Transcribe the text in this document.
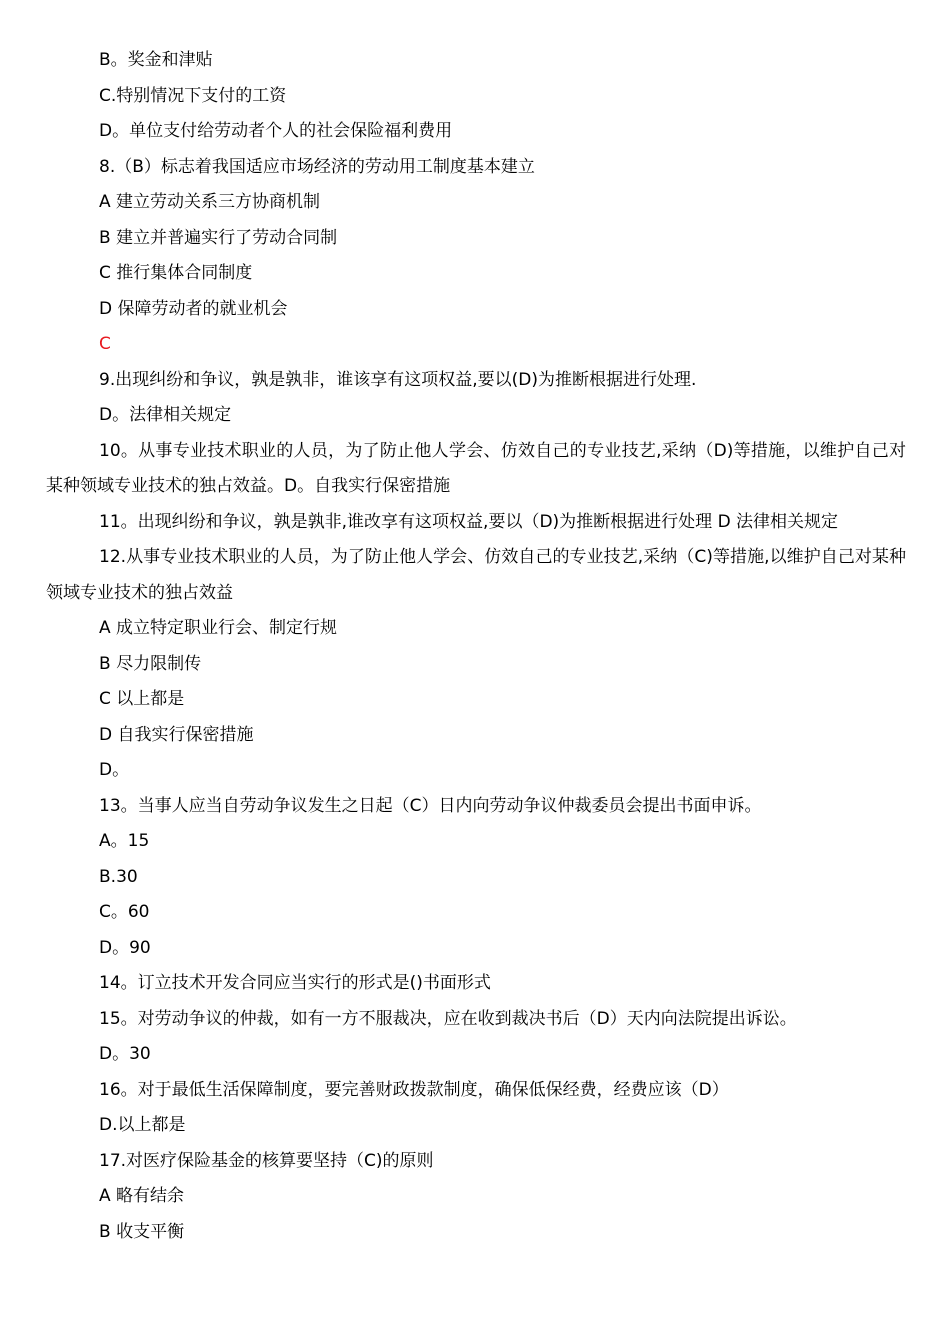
B。奖金和津贴

C.特别情况下支付的工资

D。单位支付给劳动者个人的社会保险福利费用

8.（B）标志着我国适应市场经济的劳动用工制度基本建立

A 建立劳动关系三方协商机制

B 建立并普遍实行了劳动合同制

C 推行集体合同制度

D 保障劳动者的就业机会

C

9.出现纠纷和争议，孰是孰非，谁该享有这项权益,要以(D)为推断根据进行处理.

D。法律相关规定

10。从事专业技术职业的人员，为了防止他人学会、仿效自己的专业技艺,采纳（D)等措施，以维护自己对某种领域专业技术的独占效益。D。自我实行保密措施

11。出现纠纷和争议，孰是孰非,谁改享有这项权益,要以（D)为推断根据进行处理 D 法律相关规定

12.从事专业技术职业的人员，为了防止他人学会、仿效自己的专业技艺,采纳（C)等措施,以维护自己对某种领域专业技术的独占效益

A 成立特定职业行会、制定行规

B 尽力限制传

C 以上都是

D 自我实行保密措施

D。

13。当事人应当自劳动争议发生之日起（C）日内向劳动争议仲裁委员会提出书面申诉。

A。15

B.30

C。60

D。90

14。订立技术开发合同应当实行的形式是()书面形式

15。对劳动争议的仲裁，如有一方不服裁决，应在收到裁决书后（D）天内向法院提出诉讼。

D。30

16。对于最低生活保障制度，要完善财政拨款制度，确保低保经费，经费应该（D）

D.以上都是

17.对医疗保险基金的核算要坚持（C)的原则

A 略有结余

B 收支平衡
